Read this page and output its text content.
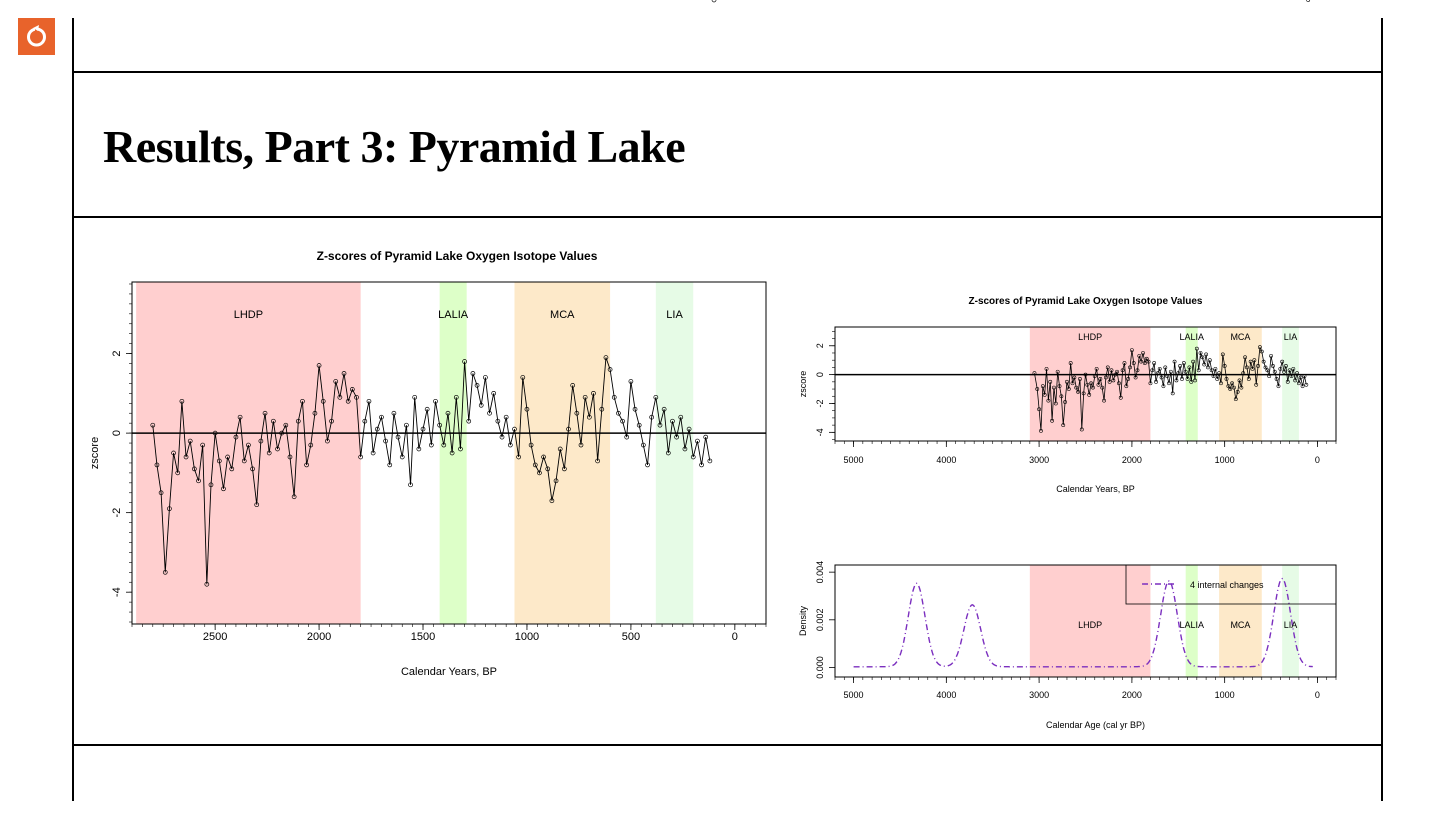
Results, Part 3: Pyramid Lake
2500	2000	1500	1000	500	0
-4
-2
0
2
Calendar Years, BP
zscore
Z-scores of Pyramid Lake Oxygen Isotope Values
LHDP	LALIA	MCA	LIA
5000	4000	3000	2000	1000	0
-4
-2
0
2
Calendar Years, BP
zscore
Z-scores of Pyramid Lake Oxygen Isotope Values
LHDP	LALIA	MCA	LIA
4 internal changes
5000	4000	3000	2000	1000	0
0.000
0.002
0.004
Calendar Age (cal yr BP)
Density	LHDP	LALIA	MCA	LIA
